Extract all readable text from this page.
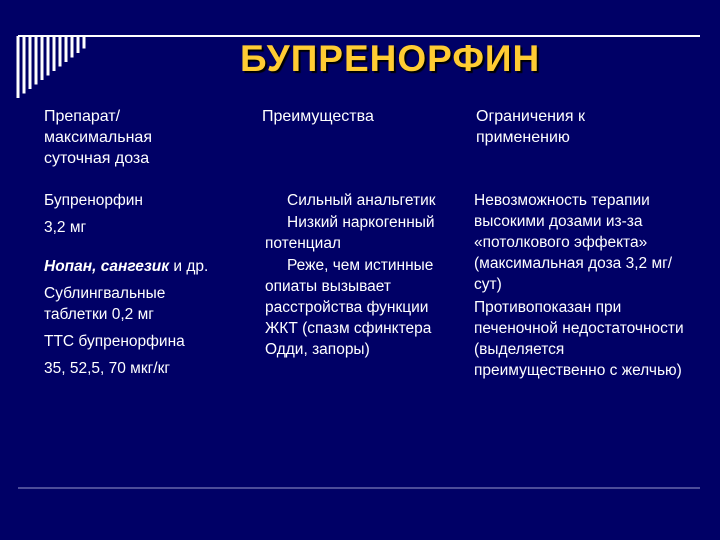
БУПРЕНОРФИН
Препарат/
максимальная
суточная доза
Преимущества	Ограничения к
применению
Бупренорфин
3,2 мг
Нопан, сангезик и др.
Сублингвальные
таблетки 0,2 мг
ТТС бупренорфина
35, 52,5, 70 мкг/кг
Сильный анальгетик
Низкий наркогенный потенциал
Реже, чем истинные опиаты вызывает расстройства функции ЖКТ (спазм сфинктера Одди, запоры)
Невозможность терапии высокими дозами из-за «потолкового эффекта» (максимальная доза 3,2 мг/сут)
Противопоказан при печеночной недостаточности (выделяется преимущественно с желчью)
